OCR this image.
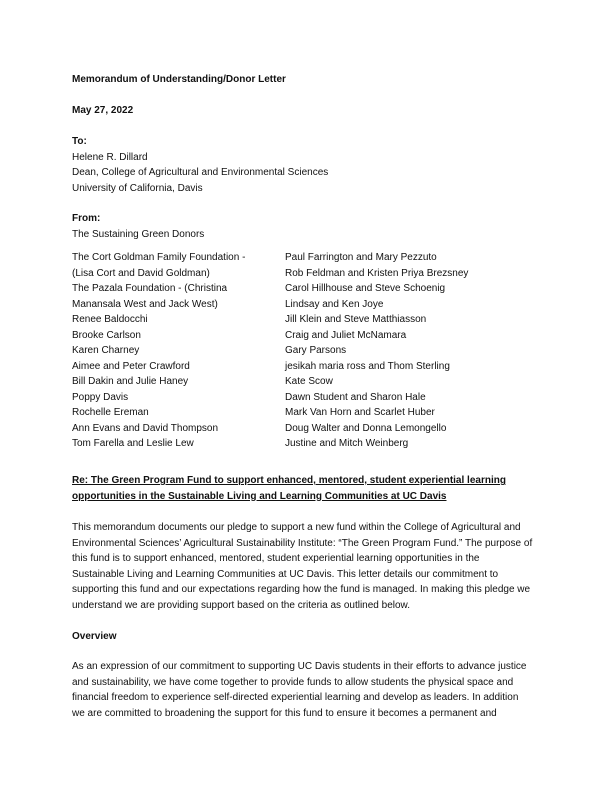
Memorandum of Understanding/Donor Letter

May 27, 2022

To:

Helene R. Dillard
Dean, College of Agricultural and Environmental Sciences
University of California, Davis

From:

The Sustaining Green Donors

The Cort Goldman Family Foundation -
(Lisa Cort and David Goldman)
The Pazala Foundation - (Christina
Manansala West and Jack West)
Renee Baldocchi
Brooke Carlson
Karen Charney
Aimee and Peter Crawford
Bill Dakin and Julie Haney
Poppy Davis
Rochelle Ereman
Ann Evans and David Thompson
Tom Farella and Leslie Lew
Paul Farrington and Mary Pezzuto
Rob Feldman and Kristen Priya Brezsney
Carol Hillhouse and Steve Schoenig
Lindsay and Ken Joye
Jill Klein and Steve Matthiasson
Craig and Juliet McNamara
Gary Parsons
jesikah maria ross and Thom Sterling
Kate Scow
Dawn Student and Sharon Hale
Mark Van Horn and Scarlet Huber
Doug Walter and Donna Lemongello
Justine and Mitch Weinberg
Re: The Green Program Fund to support enhanced, mentored, student experiential learning
opportunities in the Sustainable Living and Learning Communities at UC Davis
This memorandum documents our pledge to support a new fund within the College of Agricultural and
Environmental Sciences’ Agricultural Sustainability Institute: “The Green Program Fund.” The purpose of
this fund is to support enhanced, mentored, student experiential learning opportunities in the
Sustainable Living and Learning Communities at UC Davis. This letter details our commitment to
supporting this fund and our expectations regarding how the fund is managed. In making this pledge we
understand we are providing support based on the criteria as outlined below.

Overview

As an expression of our commitment to supporting UC Davis students in their efforts to advance justice
and sustainability, we have come together to provide funds to allow students the physical space and
financial freedom to experience self-directed experiential learning and develop as leaders. In addition
we are committed to broadening the support for this fund to ensure it becomes a permanent and
